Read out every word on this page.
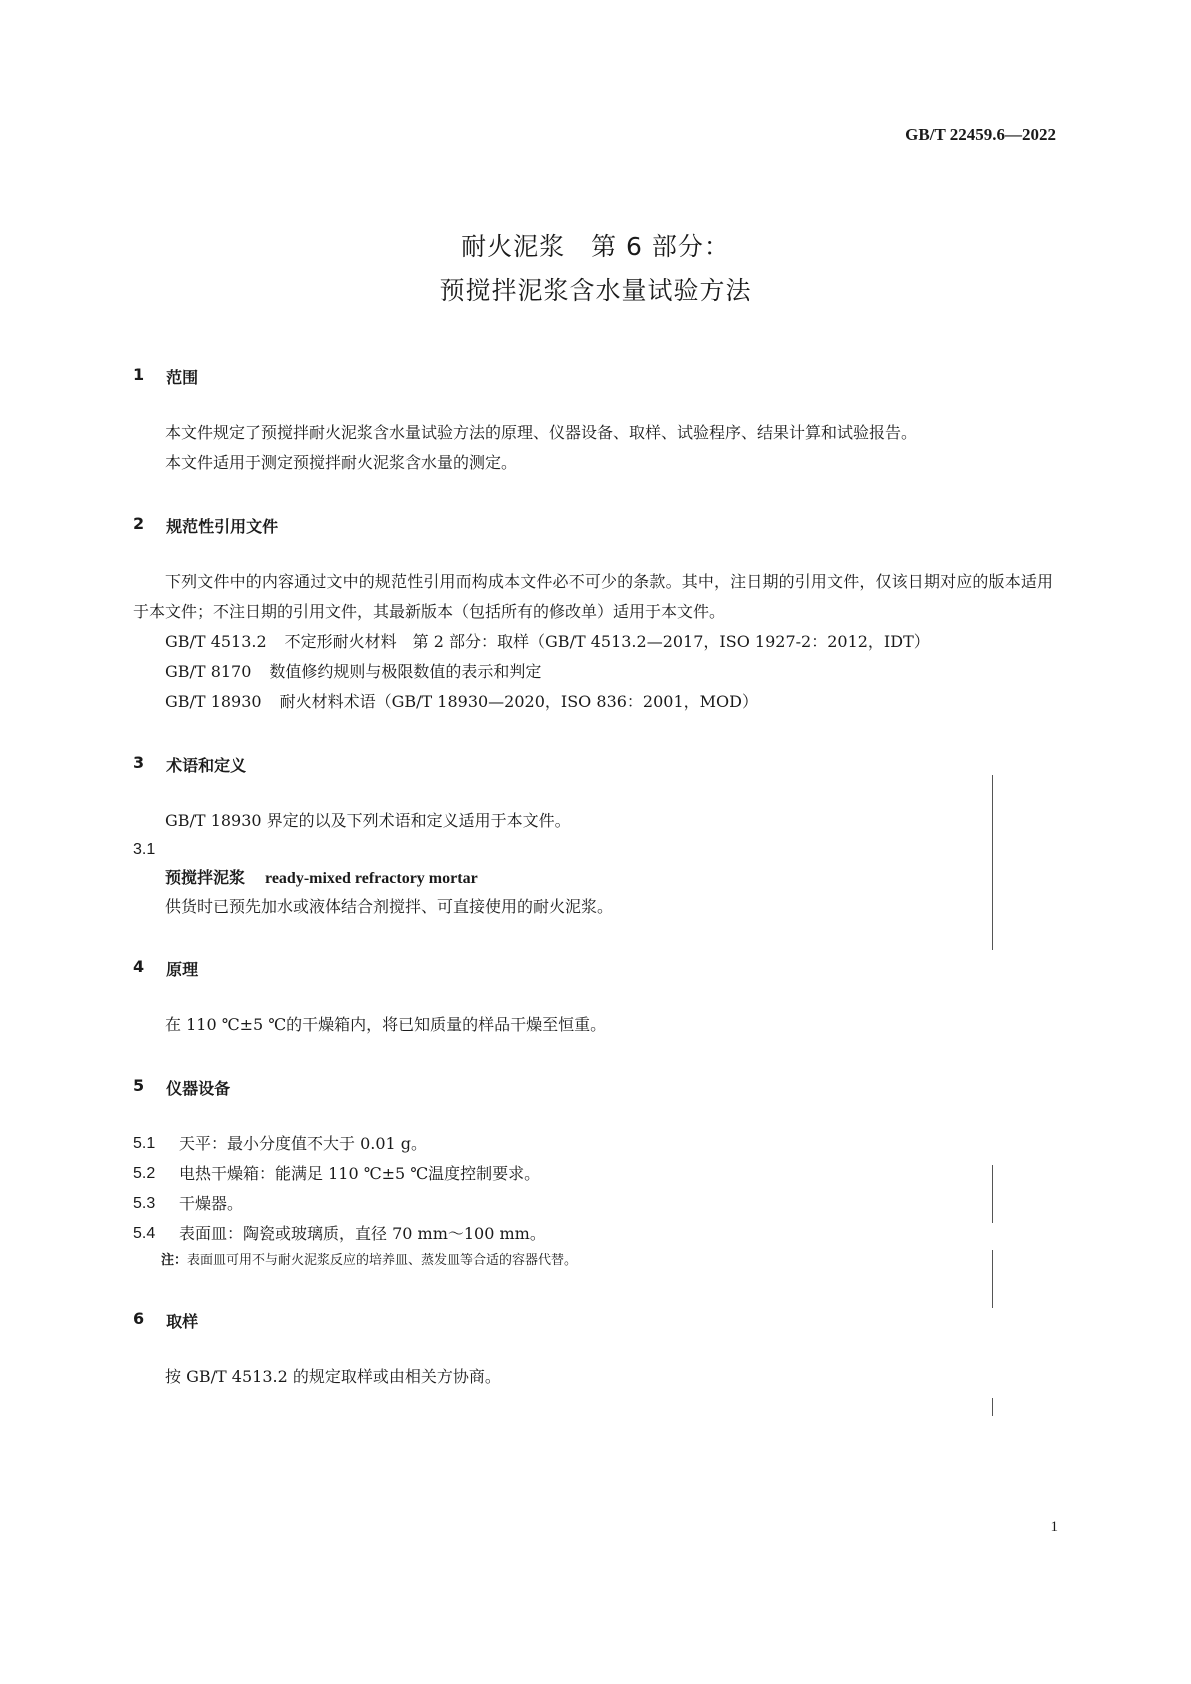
GB/T 22459.6—2022
耐火泥浆　第 6 部分：
预搅拌泥浆含水量试验方法
1 范围

本文件规定了预搅拌耐火泥浆含水量试验方法的原理、仪器设备、取样、试验程序、结果计算和试验报告。

本文件适用于测定预搅拌耐火泥浆含水量的测定。

2 规范性引用文件

下列文件中的内容通过文中的规范性引用而构成本文件必不可少的条款。其中，注日期的引用文件，仅该日期对应的版本适用于本文件；不注日期的引用文件，其最新版本（包括所有的修改单）适用于本文件。

GB/T 4513.2 不定形耐火材料　第 2 部分：取样（GB/T 4513.2—2017，ISO 1927-2：2012，IDT）
GB/T 8170 数值修约规则与极限数值的表示和判定
GB/T 18930 耐火材料术语（GB/T 18930—2020，ISO 836：2001，MOD）
3 术语和定义

GB/T 18930 界定的以及下列术语和定义适用于本文件。

3.1
预搅拌泥浆 ready-mixed refractory mortar
供货时已预先加水或液体结合剂搅拌、可直接使用的耐火泥浆。
4 原理

在 110 ℃±5 ℃的干燥箱内，将已知质量的样品干燥至恒重。

5 仪器设备
5.1	天平：最小分度值不大于 0.01 g。
5.2	电热干燥箱：能满足 110 ℃±5 ℃温度控制要求。
5.3	干燥器。
5.4	表面皿：陶瓷或玻璃质，直径 70 mm～100 mm。
注：表面皿可用不与耐火泥浆反应的培养皿、蒸发皿等合适的容器代替。
6 取样

按 GB/T 4513.2 的规定取样或由相关方协商。

1
